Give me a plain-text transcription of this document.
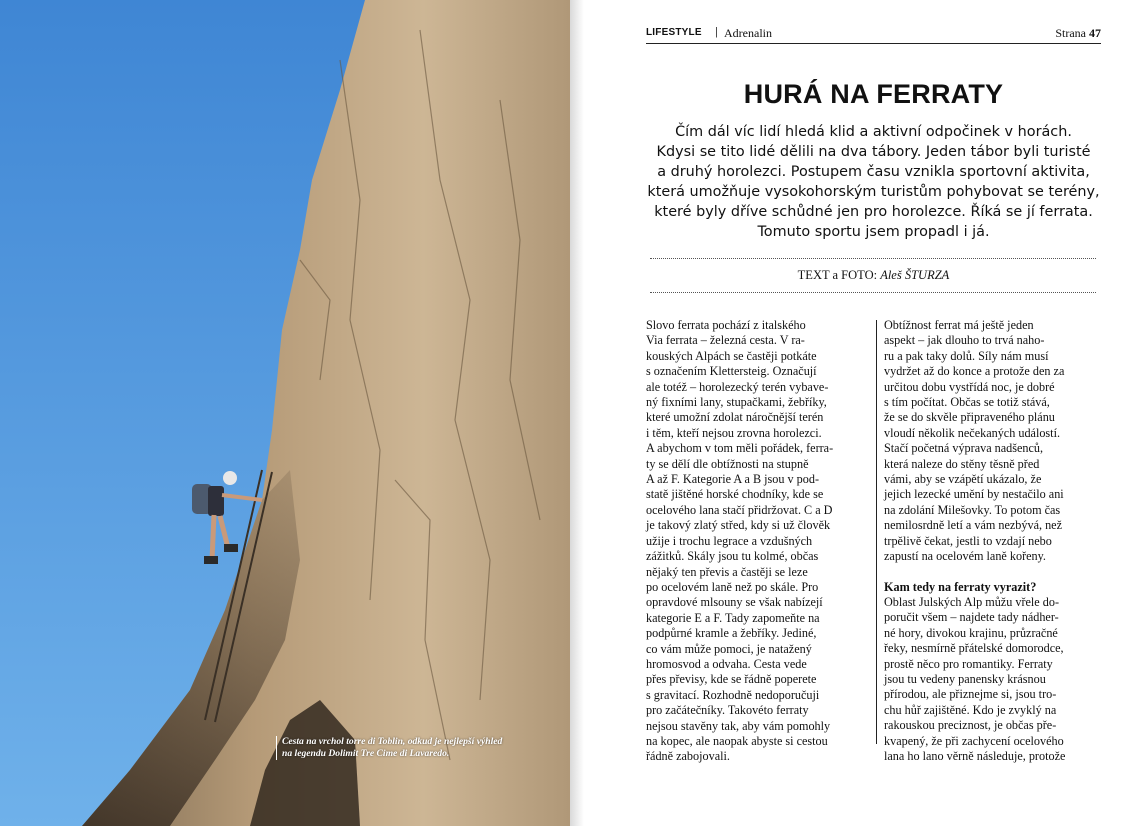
Cesta na vrchol torre di Toblin, odkud je nejlepší výhled na legendu Dolimit Tre Cime di Lavaredo.
LIFESTYLE | Adrenalin	Strana 47
HURÁ NA FERRATY
Čím dál víc lidí hledá klid a aktivní odpočinek v horách.
Kdysi se tito lidé dělili na dva tábory. Jeden tábor byli turisté
a druhý horolezci. Postupem času vznikla sportovní aktivita,
která umožňuje vysokohorským turistům pohybovat se terény,
které byly dříve schůdné jen pro horolezce. Říká se jí ferrata.
Tomuto sportu jsem propadl i já.
TEXT a FOTO: Aleš ŠTURZA

Slovo ferrata pochází z italského

Via ferrata – železná cesta. V ra-

kouských Alpách se častěji potkáte

s označením Klettersteig. Označují

ale totéž – horolezecký terén vybave-

ný fixními lany, stupačkami, žebříky,

které umožní zdolat náročnější terén

i těm, kteří nejsou zrovna horolezci.

A abychom v tom měli pořádek, ferra-

ty se dělí dle obtížnosti na stupně

A až F. Kategorie A a B jsou v pod-

statě jištěné horské chodníky, kde se

ocelového lana stačí přidržovat. C a D

je takový zlatý střed, kdy si už člověk

užije i trochu legrace a vzdušných

zážitků. Skály jsou tu kolmé, občas

nějaký ten převis a častěji se leze

po ocelovém laně než po skále. Pro

opravdové mlsouny se však nabízejí

kategorie E a F. Tady zapomeňte na

podpůrné kramle a žebříky. Jediné,

co vám může pomoci, je natažený

hromosvod a odvaha. Cesta vede

přes převisy, kde se řádně poperete

s gravitací. Rozhodně nedoporučuji

pro začátečníky. Takovéto ferraty

nejsou stavěny tak, aby vám pomohly

na kopec, ale naopak abyste si cestou

řádně zabojovali.

Obtížnost ferrat má ještě jeden

aspekt – jak dlouho to trvá naho-

ru a pak taky dolů. Síly nám musí

vydržet až do konce a protože den za

určitou dobu vystřídá noc, je dobré

s tím počítat. Občas se totiž stává,

že se do skvěle připraveného plánu

vloudí několik nečekaných událostí.

Stačí početná výprava nadšenců,

která naleze do stěny těsně před

vámi, aby se vzápětí ukázalo, že

jejich lezecké umění by nestačilo ani

na zdolání Milešovky. To potom čas

nemilosrdně letí a vám nezbývá, než

trpělivě čekat, jestli to vzdají nebo

zapustí na ocelovém laně kořeny.

Kam tedy na ferraty vyrazit?

Oblast Julských Alp můžu vřele do-

poručit všem – najdete tady nádher-

né hory, divokou krajinu, průzračné

řeky, nesmírně přátelské domorodce,

prostě něco pro romantiky. Ferraty

jsou tu vedeny panensky krásnou

přírodou, ale přiznejme si, jsou tro-

chu hůř zajištěné. Kdo je zvyklý na

rakouskou preciznost, je občas pře-

kvapený, že při zachycení ocelového

lana ho lano věrně následuje, protože
